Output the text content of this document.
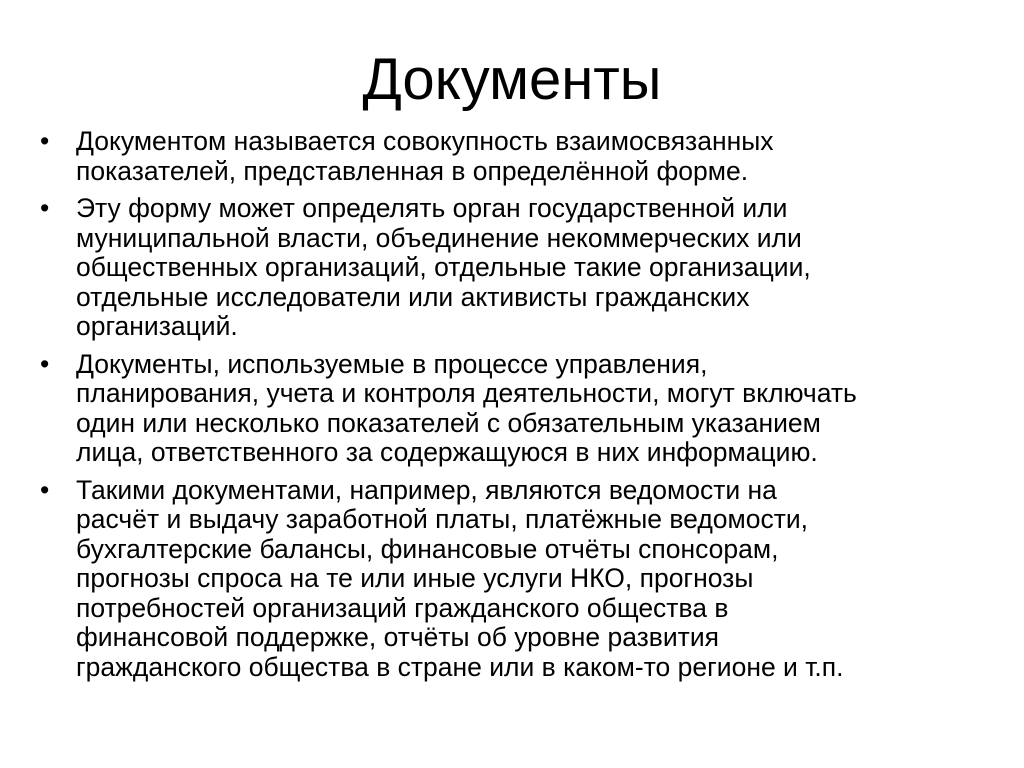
Документы
•	Документом называется совокупность взаимосвязанных
показателей, представленная в определённой форме.
•	Эту форму может определять орган государственной или
муниципальной власти, объединение некоммерческих или
общественных организаций, отдельные такие организации,
отдельные исследователи или активисты гражданских
организаций.
•	Документы, используемые в процессе управления,
планирования, учета и контроля деятельности, могут включать
один или несколько показателей с обязательным указанием
лица, ответственного за содержащуюся в них информацию.
•	Такими документами, например, являются ведомости на
расчёт и выдачу заработной платы, платёжные ведомости,
бухгалтерские балансы, финансовые отчёты спонсорам,
прогнозы спроса на те или иные услуги НКО, прогнозы
потребностей организаций гражданского общества в
финансовой поддержке, отчёты об уровне развития
гражданского общества в стране или в каком-то регионе и т.п.
